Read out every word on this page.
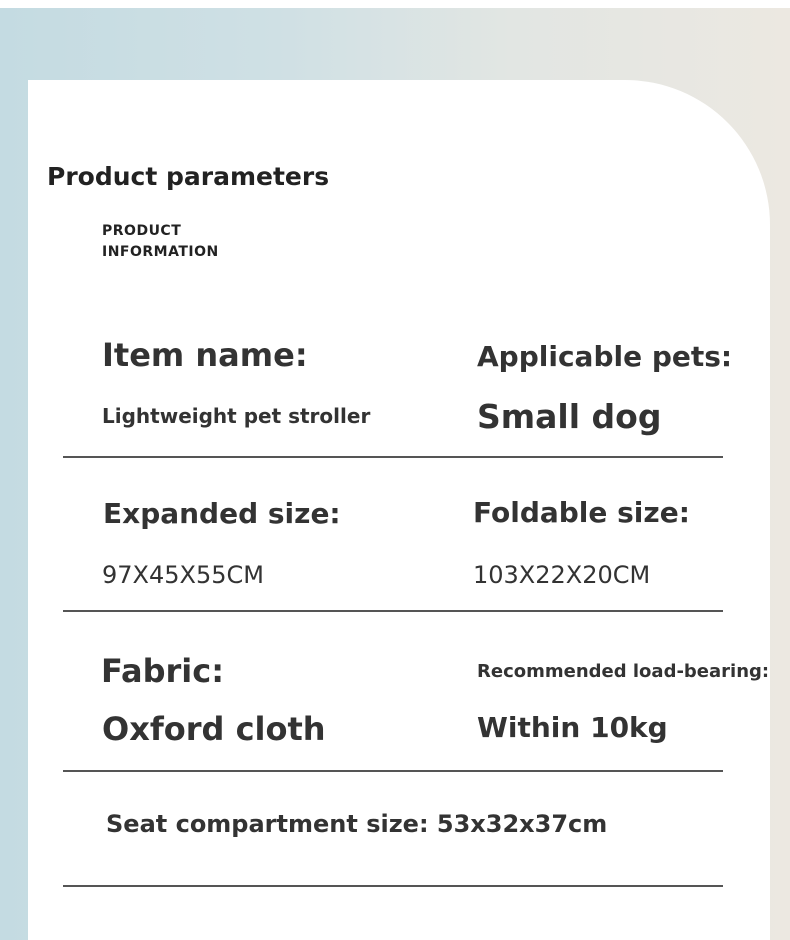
Product parameters
PRODUCT
INFORMATION
Item name:
Lightweight pet stroller
Applicable pets:
Small dog
Expanded size:
97X45X55CM
Foldable size:
103X22X20CM
Fabric:
Oxford cloth
Recommended load-bearing:
Within 10kg
Seat compartment size: 53x32x37cm
